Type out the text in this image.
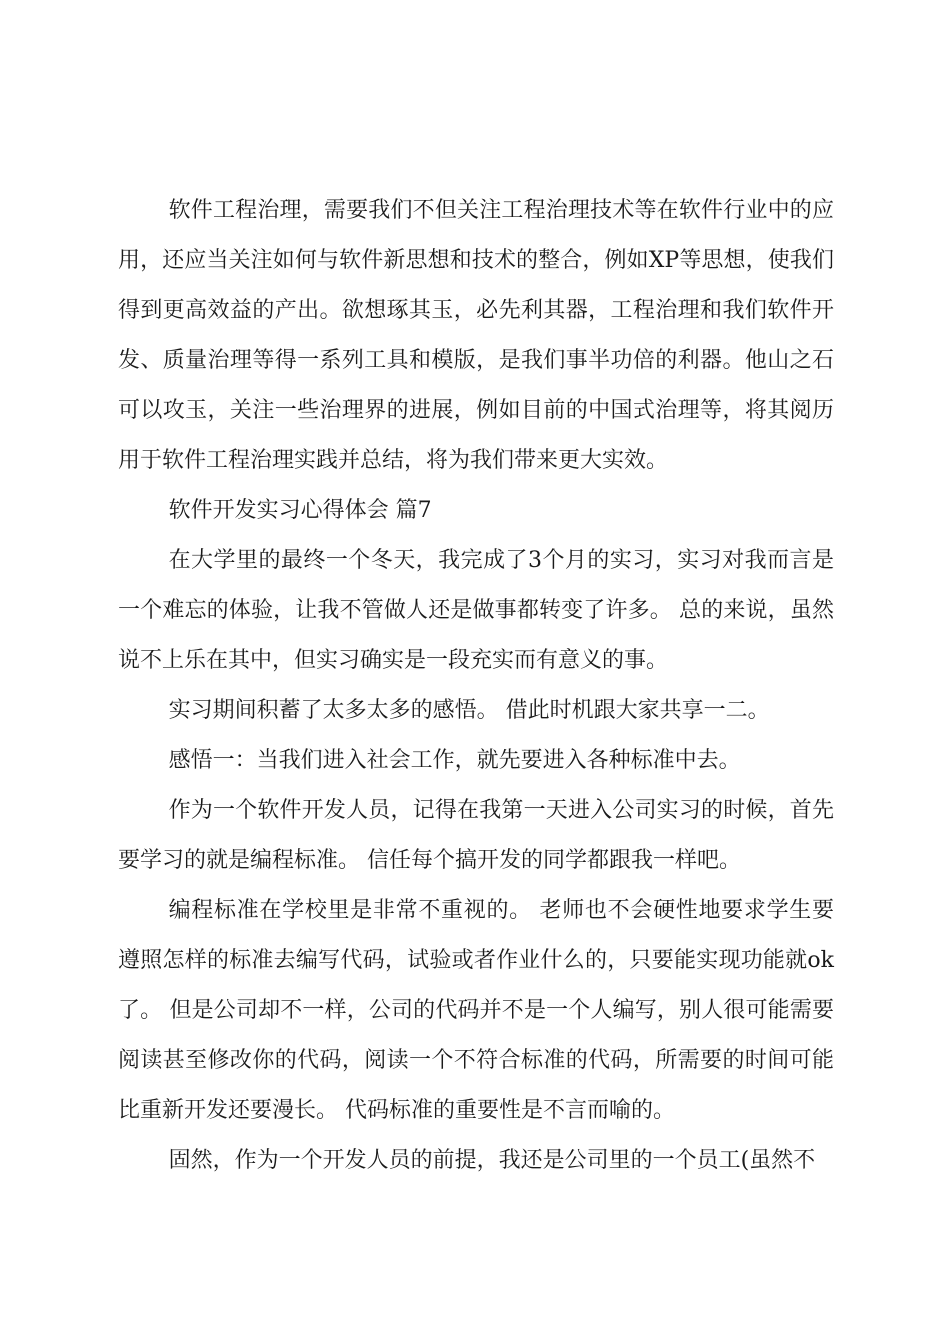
软件工程治理，需要我们不但关注工程治理技术等在软件行业中的应用，还应当关注如何与软件新思想和技术的整合，例如XP等思想，使我们得到更高效益的产出。欲想琢其玉，必先利其器，工程治理和我们软件开发、质量治理等得一系列工具和模版，是我们事半功倍的利器。他山之石可以攻玉，关注一些治理界的进展，例如目前的中国式治理等，将其阅历用于软件工程治理实践并总结，将为我们带来更大实效。

软件开发实习心得体会 篇7

在大学里的最终一个冬天，我完成了3个月的实习，实习对我而言是一个难忘的体验，让我不管做人还是做事都转变了许多。 总的来说，虽然说不上乐在其中，但实习确实是一段充实而有意义的事。

实习期间积蓄了太多太多的感悟。 借此时机跟大家共享一二。

感悟一：当我们进入社会工作，就先要进入各种标准中去。

作为一个软件开发人员，记得在我第一天进入公司实习的时候，首先要学习的就是编程标准。 信任每个搞开发的同学都跟我一样吧。

编程标准在学校里是非常不重视的。 老师也不会硬性地要求学生要遵照怎样的标准去编写代码，试验或者作业什么的，只要能实现功能就ok了。 但是公司却不一样，公司的代码并不是一个人编写，别人很可能需要阅读甚至修改你的代码，阅读一个不符合标准的代码，所需要的时间可能比重新开发还要漫长。 代码标准的重要性是不言而喻的。

固然，作为一个开发人员的前提，我还是公司里的一个员工(虽然不
